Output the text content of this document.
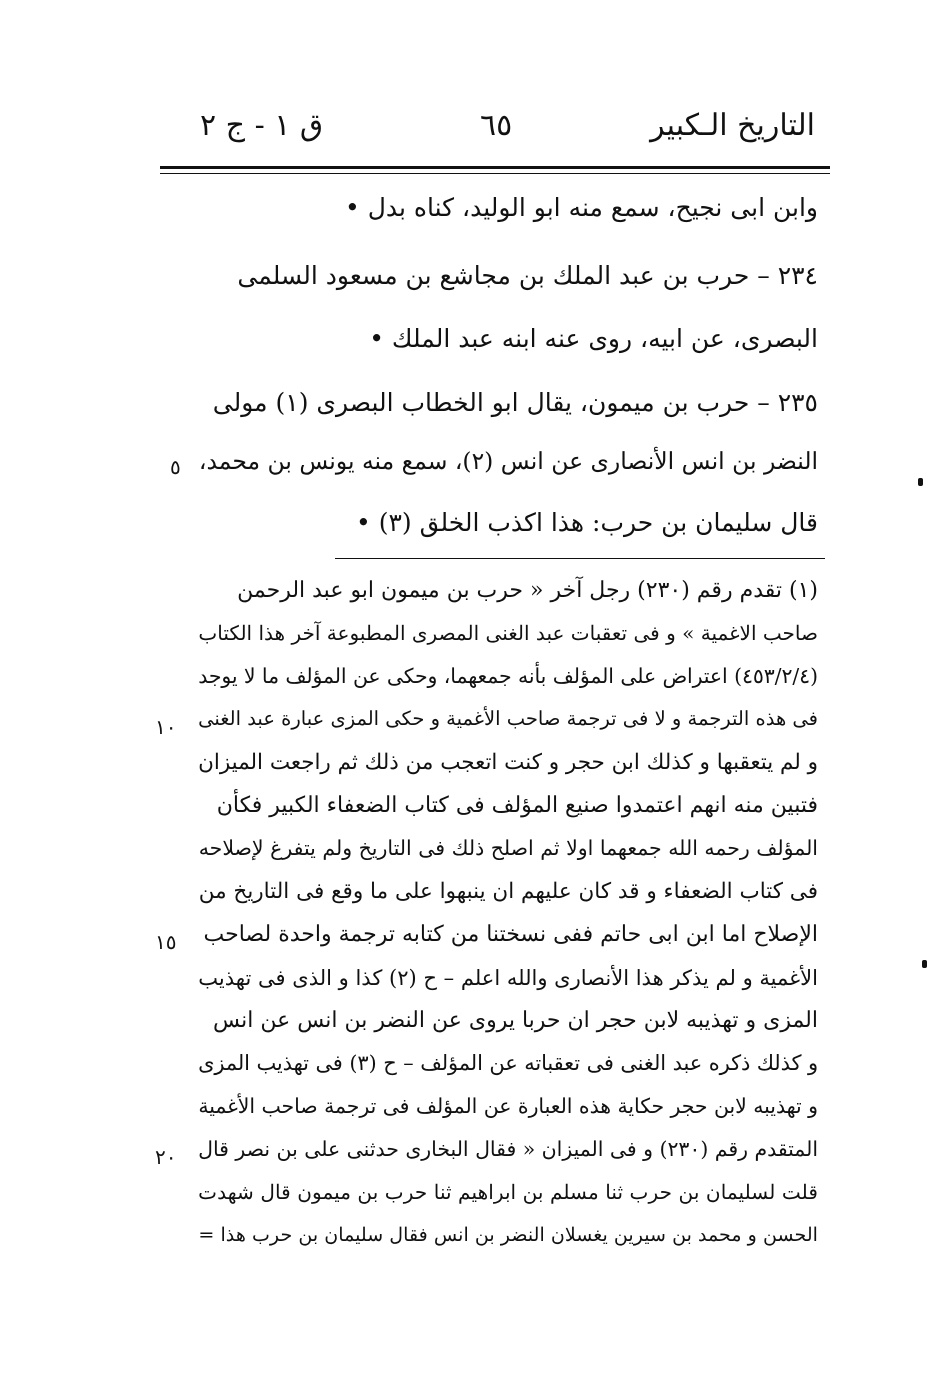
التاريخ الـكبير
٦٥
ق ١ - ج ٢
وابن ابى نجيح، سمع منه ابو الوليد، كناه بدل •
٢٣٤ – حرب بن عبد الملك بن مجاشع بن مسعود السلمى
البصرى، عن ابيه، روى عنه ابنه عبد الملك •
٢٣٥ – حرب بن ميمون، يقال ابو الخطاب البصرى (١) مولى
النضر بن انس الأنصارى عن انس (٢)، سمع منه يونس بن محمد،
قال سليمان بن حرب: هذا اكذب الخلق (٣) •
٥
(١) تقدم رقم (٢٣٠) رجل آخر « حرب بن ميمون ابو عبد الرحمن
صاحب الاغمية » و فى تعقبات عبد الغنى المصرى المطبوعة آخر هذا الكتاب
(٤٥٣/٢/٤) اعتراض على المؤلف بأنه جمعهما، وحكى عن المؤلف ما لا يوجد
فى هذه الترجمة و لا فى ترجمة صاحب الأغمية و حكى المزى عبارة عبد الغنى
و لم يتعقبها و كذلك ابن حجر و كنت اتعجب من ذلك ثم راجعت الميزان
فتبين منه انهم اعتمدوا صنيع المؤلف فى كتاب الضعفاء الكبير فكأن
المؤلف رحمه الله جمعهما اولا ثم اصلح ذلك فى التاريخ ولم يتفرغ لإصلاحه
فى كتاب الضعفاء و قد كان عليهم ان ينبهوا على ما وقع فى التاريخ من
الإصلاح اما ابن ابى حاتم ففى نسختنا من كتابه ترجمة واحدة لصاحب
الأغمية و لم يذكر هذا الأنصارى والله اعلم – ح (٢) كذا و الذى فى تهذيب
المزى و تهذيبه لابن حجر ان حربا يروى عن النضر بن انس عن انس
و كذلك ذكره عبد الغنى فى تعقباته عن المؤلف – ح (٣) فى تهذيب المزى
و تهذيبه لابن حجر حكاية هذه العبارة عن المؤلف فى ترجمة صاحب الأغمية
المتقدم رقم (٢٣٠) و فى الميزان « فقال البخارى حدثنى على بن نصر قال
قلت لسليمان بن حرب ثنا مسلم بن ابراهيم ثنا حرب بن ميمون قال شهدت
الحسن و محمد بن سيرين يغسلان النضر بن انس فقال سليمان بن حرب هذا =
١٠
١٥
٢٠
